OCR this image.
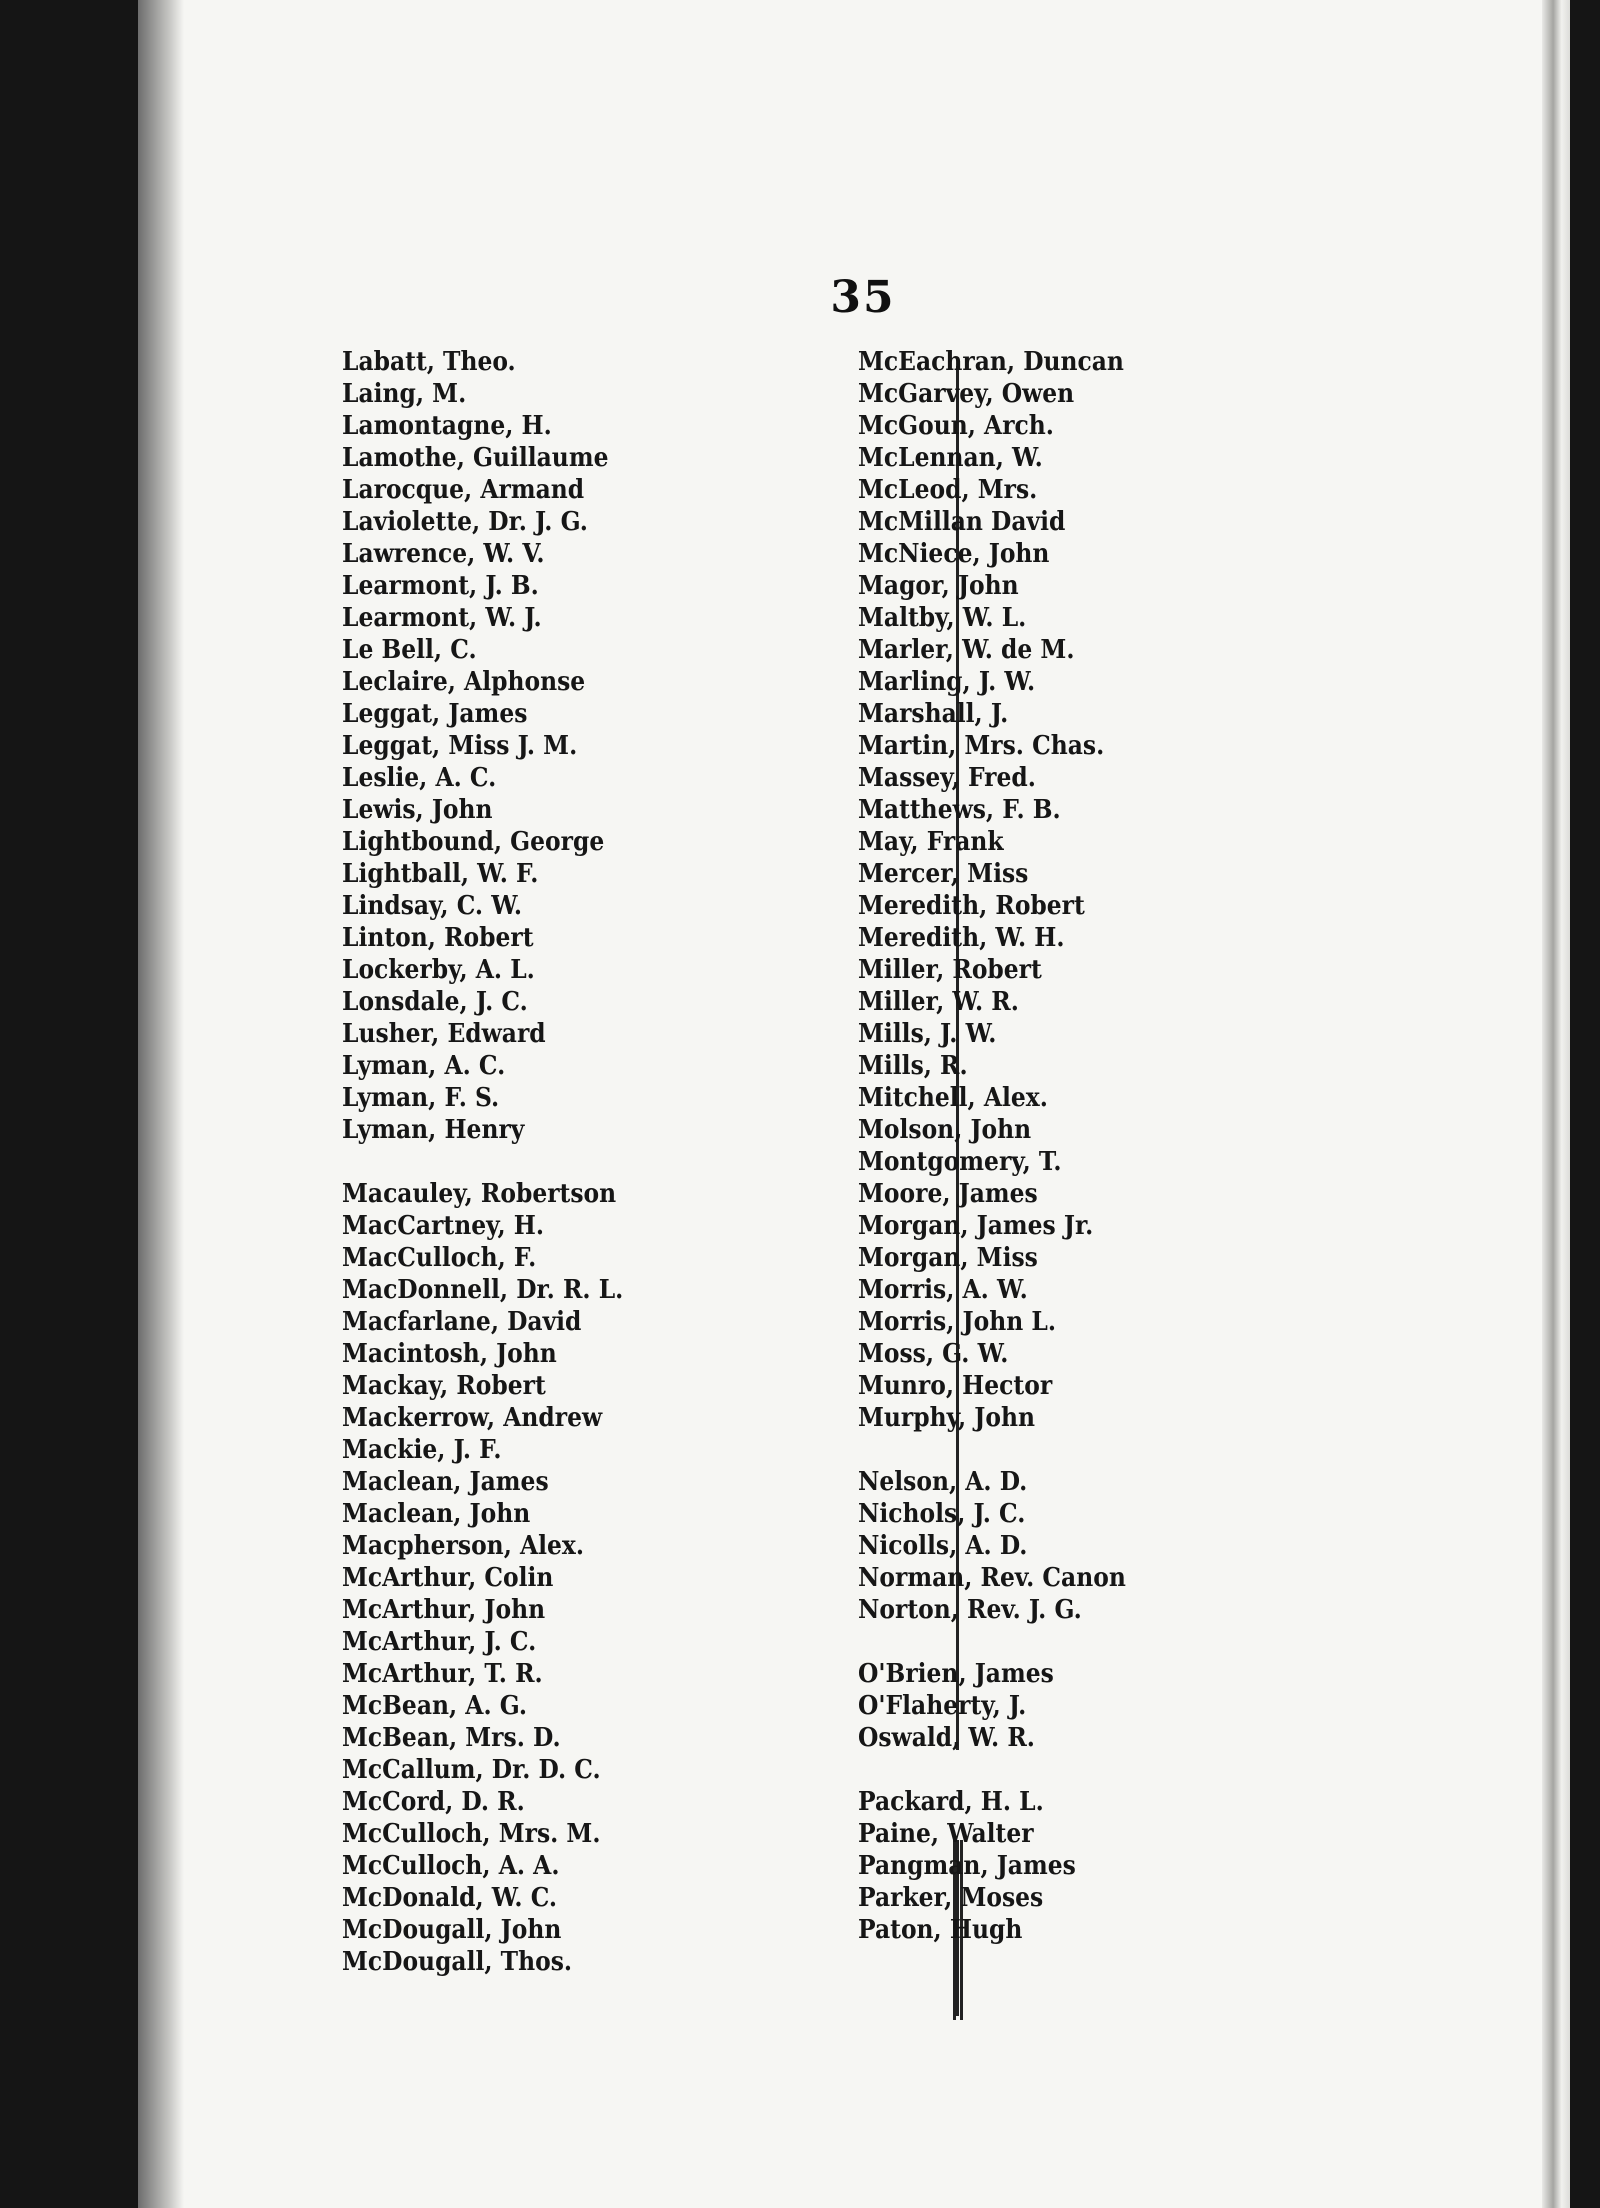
35
Labatt, Theo.
Laing, M.
Lamontagne, H.
Lamothe, Guillaume
Larocque, Armand
Laviolette, Dr. J. G.
Lawrence, W. V.
Learmont, J. B.
Learmont, W. J.
Le Bell, C.
Leclaire, Alphonse
Leggat, James
Leggat, Miss J. M.
Leslie, A. C.
Lewis, John
Lightbound, George
Lightball, W. F.
Lindsay, C. W.
Linton, Robert
Lockerby, A. L.
Lonsdale, J. C.
Lusher, Edward
Lyman, A. C.
Lyman, F. S.
Lyman, Henry
Macauley, Robertson
MacCartney, H.
MacCulloch, F.
MacDonnell, Dr. R. L.
Macfarlane, David
Macintosh, John
Mackay, Robert
Mackerrow, Andrew
Mackie, J. F.
Maclean, James
Maclean, John
Macpherson, Alex.
McArthur, Colin
McArthur, John
McArthur, J. C.
McArthur, T. R.
McBean, A. G.
McBean, Mrs. D.
McCallum, Dr. D. C.
McCord, D. R.
McCulloch, Mrs. M.
McCulloch, A. A.
McDonald, W. C.
McDougall, John
McDougall, Thos.
McEachran, Duncan
McGarvey, Owen
McGoun, Arch.
McLennan, W.
McLeod, Mrs.
McMillan David
McNiece, John
Magor, John
Maltby, W. L.
Marler, W. de M.
Marling, J. W.
Marshall, J.
Martin, Mrs. Chas.
Massey, Fred.
Matthews, F. B.
May, Frank
Mercer, Miss
Meredith, Robert
Meredith, W. H.
Miller, Robert
Miller, W. R.
Mills, J. W.
Mills, R.
Mitchell, Alex.
Molson, John
Montgomery, T.
Moore, James
Morgan, James Jr.
Morgan, Miss
Morris, A. W.
Morris, John L.
Moss, G. W.
Munro, Hector
Murphy, John
Nelson, A. D.
Nichols, J. C.
Nicolls, A. D.
Norman, Rev. Canon
Norton, Rev. J. G.
O'Brien, James
O'Flaherty, J.
Oswald, W. R.
Packard, H. L.
Paine, Walter
Pangman, James
Parker, Moses
Paton, Hugh
